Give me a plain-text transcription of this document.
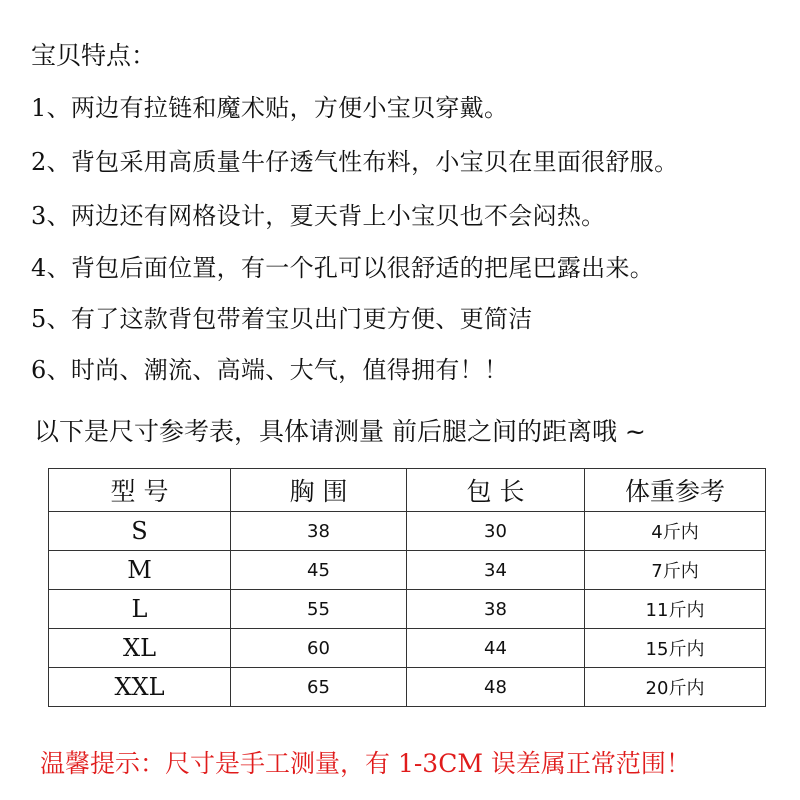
宝贝特点：
1、两边有拉链和魔术贴，方便小宝贝穿戴。
2、背包采用高质量牛仔透气性布料，小宝贝在里面很舒服。
3、两边还有网格设计，夏天背上小宝贝也不会闷热。
4、背包后面位置，有一个孔可以很舒适的把尾巴露出来。
5、有了这款背包带着宝贝出门更方便、更简洁
6、时尚、潮流、高端、大气，值得拥有！！
以下是尺寸参考表，具体请测量 前后腿之间的距离哦 ~
型 号	胸 围	包 长	体重参考
S	38	30	4斤内
M	45	34	7斤内
L	55	38	11斤内
XL	60	44	15斤内
XXL	65	48	20斤内
温馨提示：尺寸是手工测量，有 1-3CM 误差属正常范围！
